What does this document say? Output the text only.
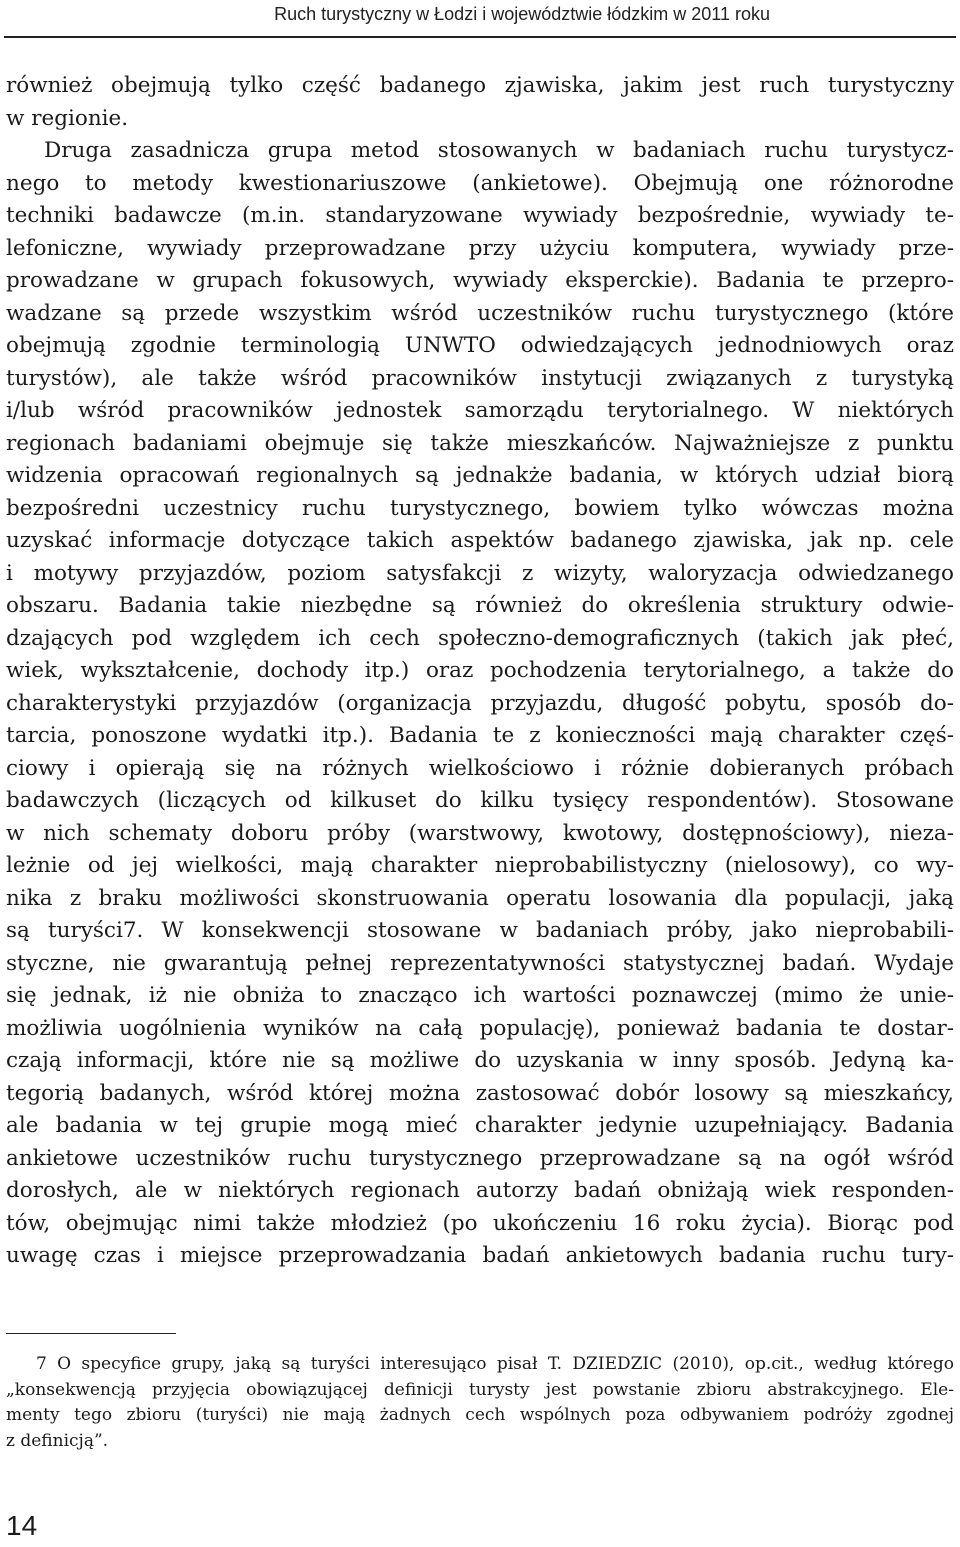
Ruch turystyczny w Łodzi i województwie łódzkim w 2011 roku
również obejmują tylko część badanego zjawiska, jakim jest ruch turystyczny
w regionie.
Druga zasadnicza grupa metod stosowanych w badaniach ruchu turystycz-
nego to metody kwestionariuszowe (ankietowe). Obejmują one różnorodne
techniki badawcze (m.in. standaryzowane wywiady bezpośrednie, wywiady te-
lefoniczne, wywiady przeprowadzane przy użyciu komputera, wywiady prze-
prowadzane w grupach fokusowych, wywiady eksperckie). Badania te przepro-
wadzane są przede wszystkim wśród uczestników ruchu turystycznego (które
obejmują zgodnie terminologią UNWTO odwiedzających jednodniowych oraz
turystów), ale także wśród pracowników instytucji związanych z turystyką
i/lub wśród pracowników jednostek samorządu terytorialnego. W niektórych
regionach badaniami obejmuje się także mieszkańców. Najważniejsze z punktu
widzenia opracowań regionalnych są jednakże badania, w których udział biorą
bezpośredni uczestnicy ruchu turystycznego, bowiem tylko wówczas można
uzyskać informacje dotyczące takich aspektów badanego zjawiska, jak np. cele
i motywy przyjazdów, poziom satysfakcji z wizyty, waloryzacja odwiedzanego
obszaru. Badania takie niezbędne są również do określenia struktury odwie-
dzających pod względem ich cech społeczno-demograficznych (takich jak płeć,
wiek, wykształcenie, dochody itp.) oraz pochodzenia terytorialnego, a także do
charakterystyki przyjazdów (organizacja przyjazdu, długość pobytu, sposób do-
tarcia, ponoszone wydatki itp.). Badania te z konieczności mają charakter częś-
ciowy i opierają się na różnych wielkościowo i różnie dobieranych próbach
badawczych (liczących od kilkuset do kilku tysięcy respondentów). Stosowane
w nich schematy doboru próby (warstwowy, kwotowy, dostępnościowy), nieza-
leżnie od jej wielkości, mają charakter nieprobabilistyczny (nielosowy), co wy-
nika z braku możliwości skonstruowania operatu losowania dla populacji, jaką
są turyści7. W konsekwencji stosowane w badaniach próby, jako nieprobabili-
styczne, nie gwarantują pełnej reprezentatywności statystycznej badań. Wydaje
się jednak, iż nie obniża to znacząco ich wartości poznawczej (mimo że unie-
możliwia uogólnienia wyników na całą populację), ponieważ badania te dostar-
czają informacji, które nie są możliwe do uzyskania w inny sposób. Jedyną ka-
tegorią badanych, wśród której można zastosować dobór losowy są mieszkańcy,
ale badania w tej grupie mogą mieć charakter jedynie uzupełniający. Badania
ankietowe uczestników ruchu turystycznego przeprowadzane są na ogół wśród
dorosłych, ale w niektórych regionach autorzy badań obniżają wiek responden-
tów, obejmując nimi także młodzież (po ukończeniu 16 roku życia). Biorąc pod
uwagę czas i miejsce przeprowadzania badań ankietowych badania ruchu tury-
7 O specyfice grupy, jaką są turyści interesująco pisał T. DZIEDZIC (2010), op.cit., według którego
„konsekwencją przyjęcia obowiązującej definicji turysty jest powstanie zbioru abstrakcyjnego. Ele-
menty tego zbioru (turyści) nie mają żadnych cech wspólnych poza odbywaniem podróży zgodnej
z definicją”.
14
